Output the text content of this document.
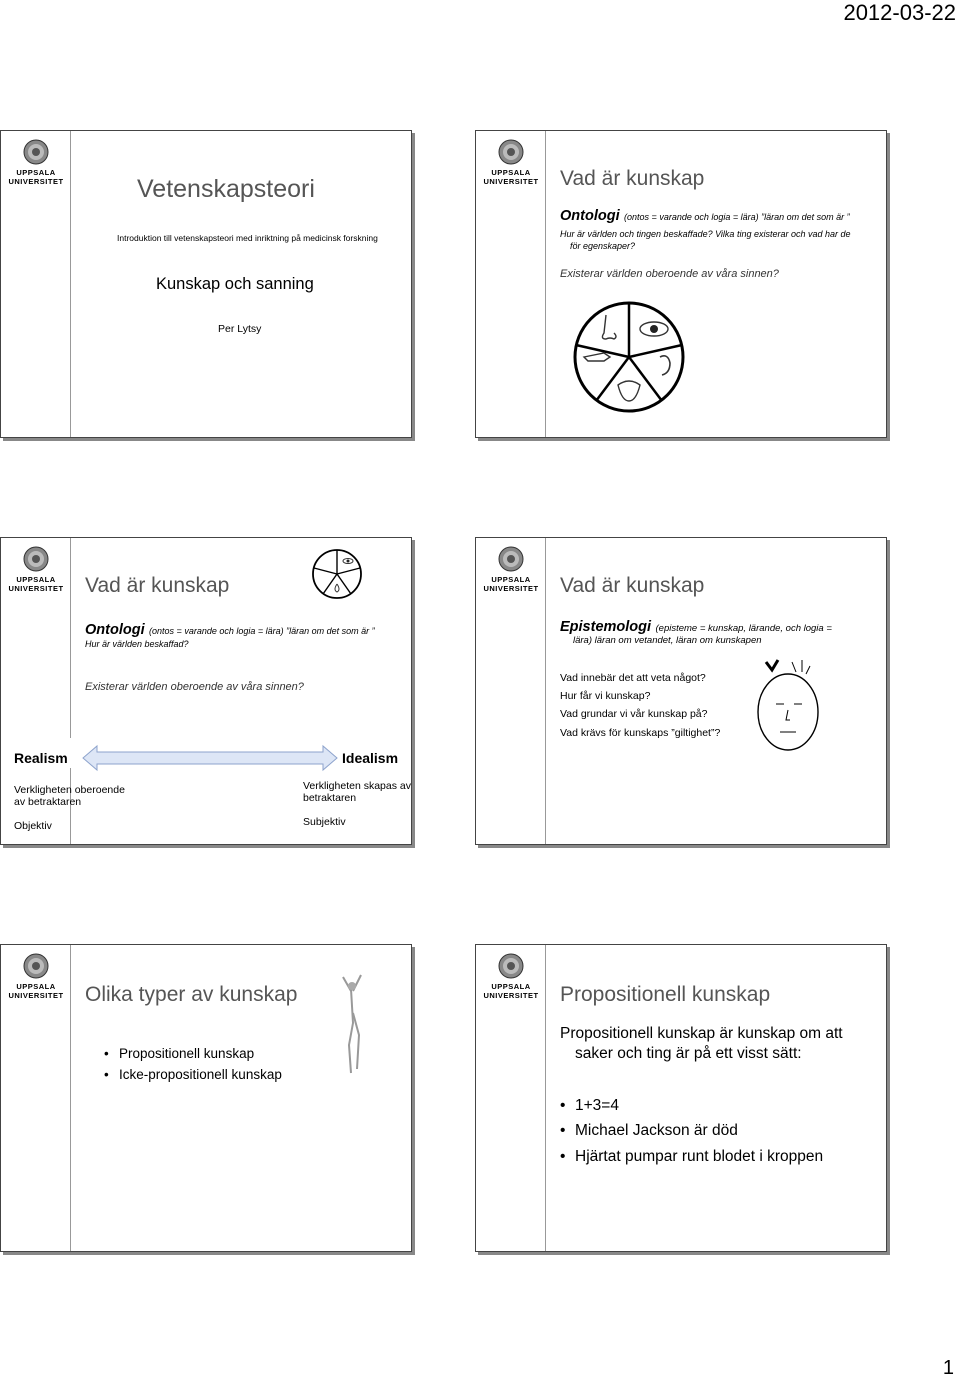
2012-03-22
UPPSALA
UNIVERSITET	Vetenskapsteori
Introduktion till vetenskapsteori med inriktning på medicinsk forskning
Kunskap och sanning
Per Lytsy
UPPSALA
UNIVERSITET Vad är kunskap
Ontologi (ontos = varande och logia = lära) ”läran om det som är ”
Hur är världen och tingen beskaffade? Vilka ting existerar och vad har de
för egenskaper?
Existerar världen oberoende av våra sinnen?
UPPSALA
UNIVERSITET Vad är kunskap
Ontologi (ontos = varande och logia = lära) ”läran om det som är ”
Hur är världen beskaffad?
Existerar världen oberoende av våra sinnen?
Realism	Idealism
Verkligheten oberoende
av betraktaren
Verkligheten skapas av
betraktaren
Objektiv	Subjektiv
UPPSALA
UNIVERSITET Vad är kunskap
Epistemologi (episteme = kunskap, lärande, och logia =
lära) läran om vetandet, läran om kunskapen
Vad innebär det att veta något?
Hur får vi kunskap?
Vad grundar vi vår kunskap på?
Vad krävs för kunskaps ”giltighet”?
UPPSALA
UNIVERSITET Olika typer av kunskap
• Propositionell kunskap
• Icke-propositionell kunskap
UPPSALA
UNIVERSITET Propositionell kunskap
Propositionell kunskap är kunskap om att
saker och ting är på ett visst sätt:
• 1+3=4
• Michael Jackson är död
• Hjärtat pumpar runt blodet i kroppen
1
